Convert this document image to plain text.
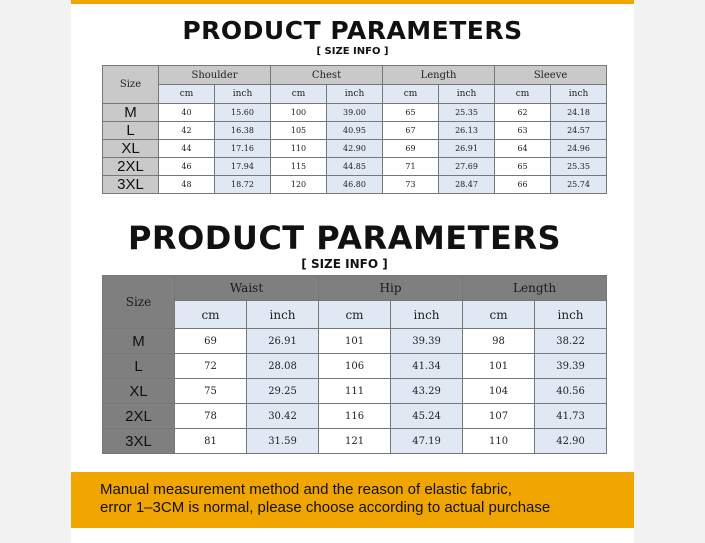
PRODUCT PARAMETERS
[ SIZE INFO ]
Size	Shoulder		Chest		Length		Sleeve	
	cm	inch	cm	inch	cm	inch	cm	inch
M	40	15.60	100	39.00	65	25.35	62	24.18
L	42	16.38	105	40.95	67	26.13	63	24.57
XL	44	17.16	110	42.90	69	26.91	64	24.96
2XL	46	17.94	115	44.85	71	27.69	65	25.35
3XL	48	18.72	120	46.80	73	28.47	66	25.74
PRODUCT PARAMETERS
[ SIZE INFO ]
Size	Waist		Hip		Length	
	cm	inch	cm	inch	cm	inch
M	69	26.91	101	39.39	98	38.22
L	72	28.08	106	41.34	101	39.39
XL	75	29.25	111	43.29	104	40.56
2XL	78	30.42	116	45.24	107	41.73
3XL	81	31.59	121	47.19	110	42.90
Manual measurement method and the reason of elastic fabric,
error 1–3CM is normal, please choose according to actual purchase
